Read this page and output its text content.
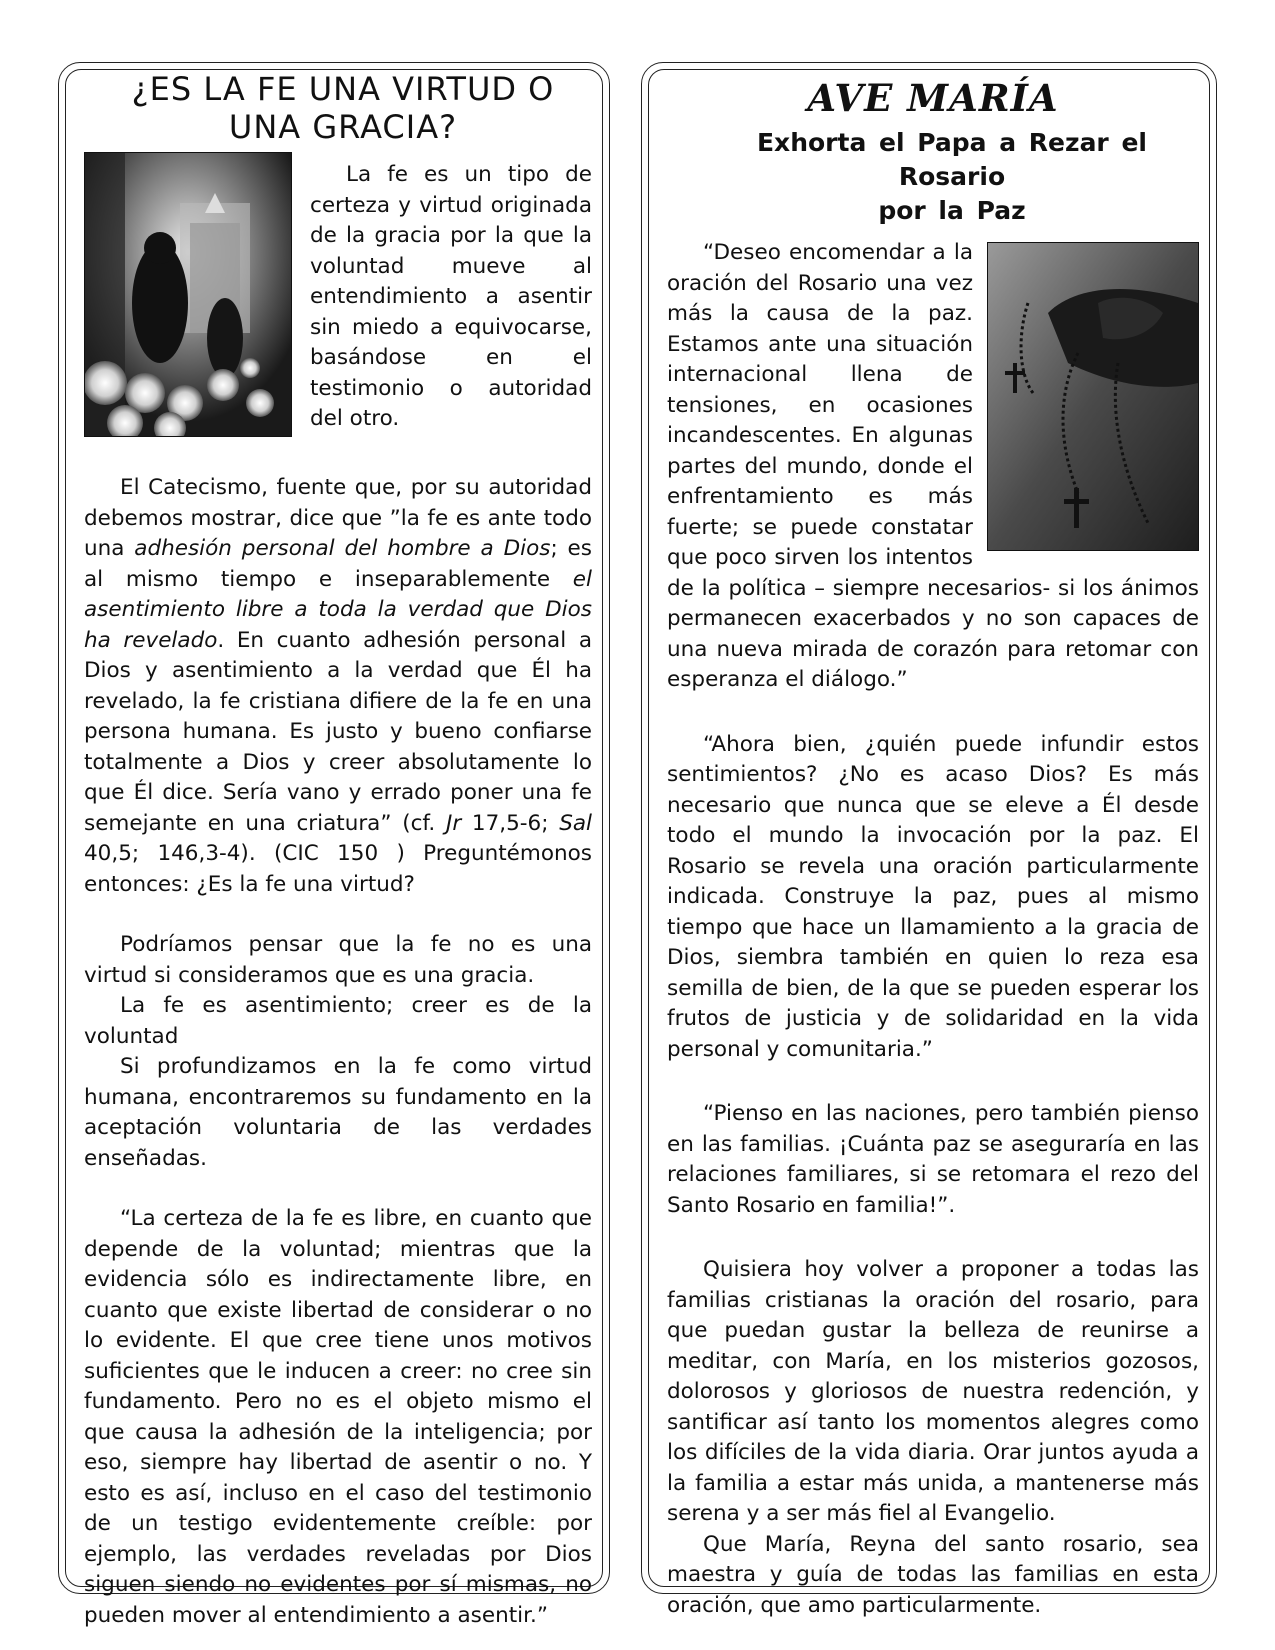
¿ES LA FE UNA VIRTUD O
UNA GRACIA?

La fe es un tipo de certeza y virtud originada de la gracia por la que la voluntad mueve al entendimiento a asentir sin miedo a equivocarse, basándose en el testimonio o autoridad del otro.

El Catecismo, fuente que, por su autoridad debemos mostrar, dice que ”la fe es ante todo una adhesión personal del hombre a Dios; es al mismo tiempo e inseparablemente el asentimiento libre a toda la verdad que Dios ha revelado. En cuanto adhesión personal a Dios y asentimiento a la verdad que Él ha revelado, la fe cristiana difiere de la fe en una persona humana. Es justo y bueno confiarse totalmente a Dios y creer absolutamente lo que Él dice. Sería vano y errado poner una fe semejante en una criatura” (cf. Jr 17,5-6; Sal 40,5; 146,3-4). (CIC 150 ) Preguntémonos entonces: ¿Es la fe una virtud?

Podríamos pensar que la fe no es una virtud si consideramos que es una gracia.

La fe es asentimiento; creer es de la voluntad

Si profundizamos en la fe como virtud humana, encontraremos su fundamento en la aceptación voluntaria de las verdades enseñadas.

“La certeza de la fe es libre, en cuanto que depende de la voluntad; mientras que la evidencia sólo es indirectamente libre, en cuanto que existe libertad de considerar o no lo evidente. El que cree tiene unos motivos suficientes que le inducen a creer: no cree sin fundamento. Pero no es el objeto mismo el que causa la adhesión de la inteligencia; por eso, siempre hay libertad de asentir o no. Y esto es así, incluso en el caso del testimonio de un testigo evidentemente creíble: por ejemplo, las verdades reveladas por Dios siguen siendo no evidentes por sí mismas, no pueden mover al entendimiento a asentir.”

AVE MARÍA
Exhorta el Papa a Rezar el Rosario
por la Paz

“Deseo encomendar a la oración del Rosario una vez más la causa de la paz. Estamos ante una situación internacional llena de tensiones, en ocasiones incandescentes. En algunas partes del mundo, donde el enfrentamiento es más fuerte; se puede constatar que poco sirven los intentos de la política – siempre necesarios- si los ánimos permanecen exacerbados y no son capaces de una nueva mirada de corazón para retomar con esperanza el diálogo.”

“Ahora bien, ¿quién puede infundir estos sentimientos? ¿No es acaso Dios? Es más necesario que nunca que se eleve a Él desde todo el mundo la invocación por la paz. El Rosario se revela una oración particularmente indicada. Construye la paz, pues al mismo tiempo que hace un llamamiento a la gracia de Dios, siembra también en quien lo reza esa semilla de bien, de la que se pueden esperar los frutos de justicia y de solidaridad en la vida personal y comunitaria.”

“Pienso en las naciones, pero también pienso en las familias. ¡Cuánta paz se aseguraría en las relaciones familiares, si se retomara el rezo del Santo Rosario en familia!”.

Quisiera hoy volver a proponer a todas las familias cristianas la oración del rosario, para que puedan gustar la belleza de reunirse a meditar, con María, en los misterios gozosos, dolorosos y gloriosos de nuestra redención, y santificar así tanto los momentos alegres como los difíciles de la vida diaria. Orar juntos ayuda a la familia a estar más unida, a mantenerse más serena y a ser más fiel al Evangelio.

Que María, Reyna del santo rosario, sea maestra y guía de todas las familias en esta oración, que amo particularmente.
